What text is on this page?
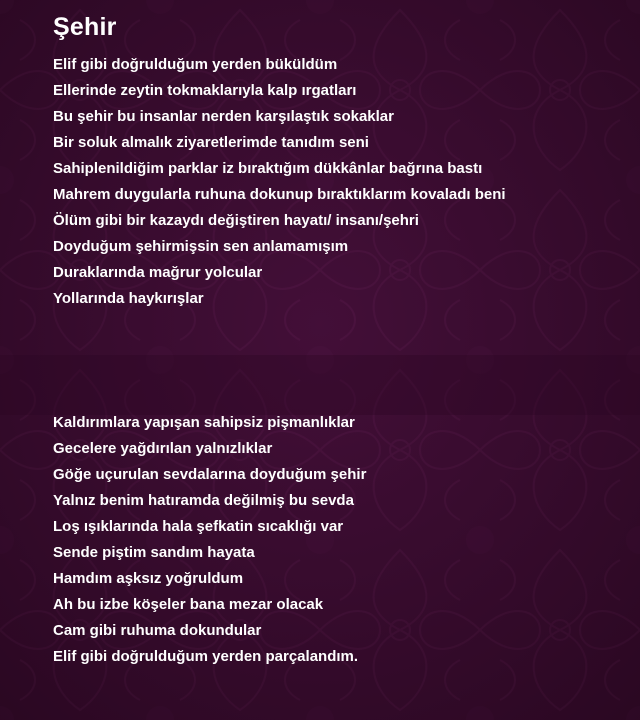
Şehir
Elif gibi doğrulduğum yerden büküldüm
Ellerinde zeytin tokmaklarıyla kalp ırgatları
Bu şehir bu insanlar nerden karşılaştık sokaklar
Bir soluk almalık ziyaretlerimde tanıdım seni
Sahiplenildiğim parklar iz bıraktığım dükkânlar bağrına bastı
Mahrem duygularla ruhuna dokunup bıraktıklarım kovaladı beni
Ölüm gibi bir kazaydı değiştiren hayatı/ insanı/şehri
Doyduğum şehirmişsin sen anlamamışım
Duraklarında mağrur yolcular
Yollarında haykırışlar
Kaldırımlara yapışan sahipsiz pişmanlıklar
Gecelere yağdırılan yalnızlıklar
Göğe uçurulan sevdalarına doyduğum şehir
Yalnız benim hatıramda değilmiş bu sevda
Loş ışıklarında hala şefkatin sıcaklığı var
Sende piştim sandım hayata
Hamdım aşksız yoğruldum
Ah bu izbe köşeler bana mezar olacak
Cam gibi ruhuma dokundular
Elif gibi doğrulduğum yerden parçalandım.
